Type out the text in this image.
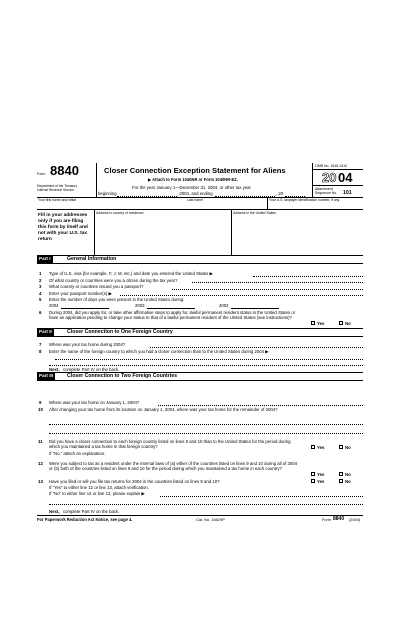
Form 8840
Department of the Treasury
Internal Revenue Service
Closer Connection Exception Statement for Aliens
▶ Attach to Form 1040NR or Form 1040NR-EZ.
For the year January 1—December 31, 2004, or other tax year
beginning	, 2004, and ending	, 20
OMB No. 1545-1410
20 04
Attachment
Sequence No. 101
Your first name and initial	Last name	Your U.S. taxpayer identification number, if any
Fill in your addresses only if you are filing this form by itself and not with your U.S. tax return
Address in country of residence	Address in the United States
Part I	General Information
1 Type of U.S. visa (for example, F, J, M, etc.) and date you entered the United States ▶
2 Of what country or countries were you a citizen during the tax year?
3 What country or countries issued you a passport?
4 Enter your passport number(s) ▶
5 Enter the number of days you were present in the United States during:
2004	2003	2002
6 During 2004, did you apply for, or take other affirmative steps to apply for, lawful permanent resident status in the United States or have an application pending to change your status to that of a lawful permanent resident of the United States (see instructions)?
Yes	No
Part II	Closer Connection to One Foreign Country
7 Where was your tax home during 2004?
8 Enter the name of the foreign country to which you had a closer connection than to the United States during 2004 ▶
Next, complete Part IV on the back.
Part III	Closer Connection to Two Foreign Countries
9 Where was your tax home on January 1, 2004?
10 After changing your tax home from its location on January 1, 2004, where was your tax home for the remainder of 2004?
11 Did you have a closer connection to each foreign country listed on lines 9 and 10 than to the United States for the period during which you maintained a tax home in that foreign country?
If “No,” attach an explanation.
Yes	No
12 Were you subject to tax as a resident under the internal laws of (a) either of the countries listed on lines 9 and 10 during all of 2004 or (b) both of the countries listed on lines 9 and 10 for the period during which you maintained a tax home in each country?
Yes	No
13 Have you filed or will you file tax returns for 2004 in the countries listed on lines 9 and 10?	Yes	No
If “Yes” to either line 12 or line 13, attach verification.
If “No” to either line 12 or line 13, please explain ▶
Next, complete Part IV on the back.
For Paperwork Reduction Act Notice, see page 4.	Cat. No. 15829P	Form 8840 (2004)
